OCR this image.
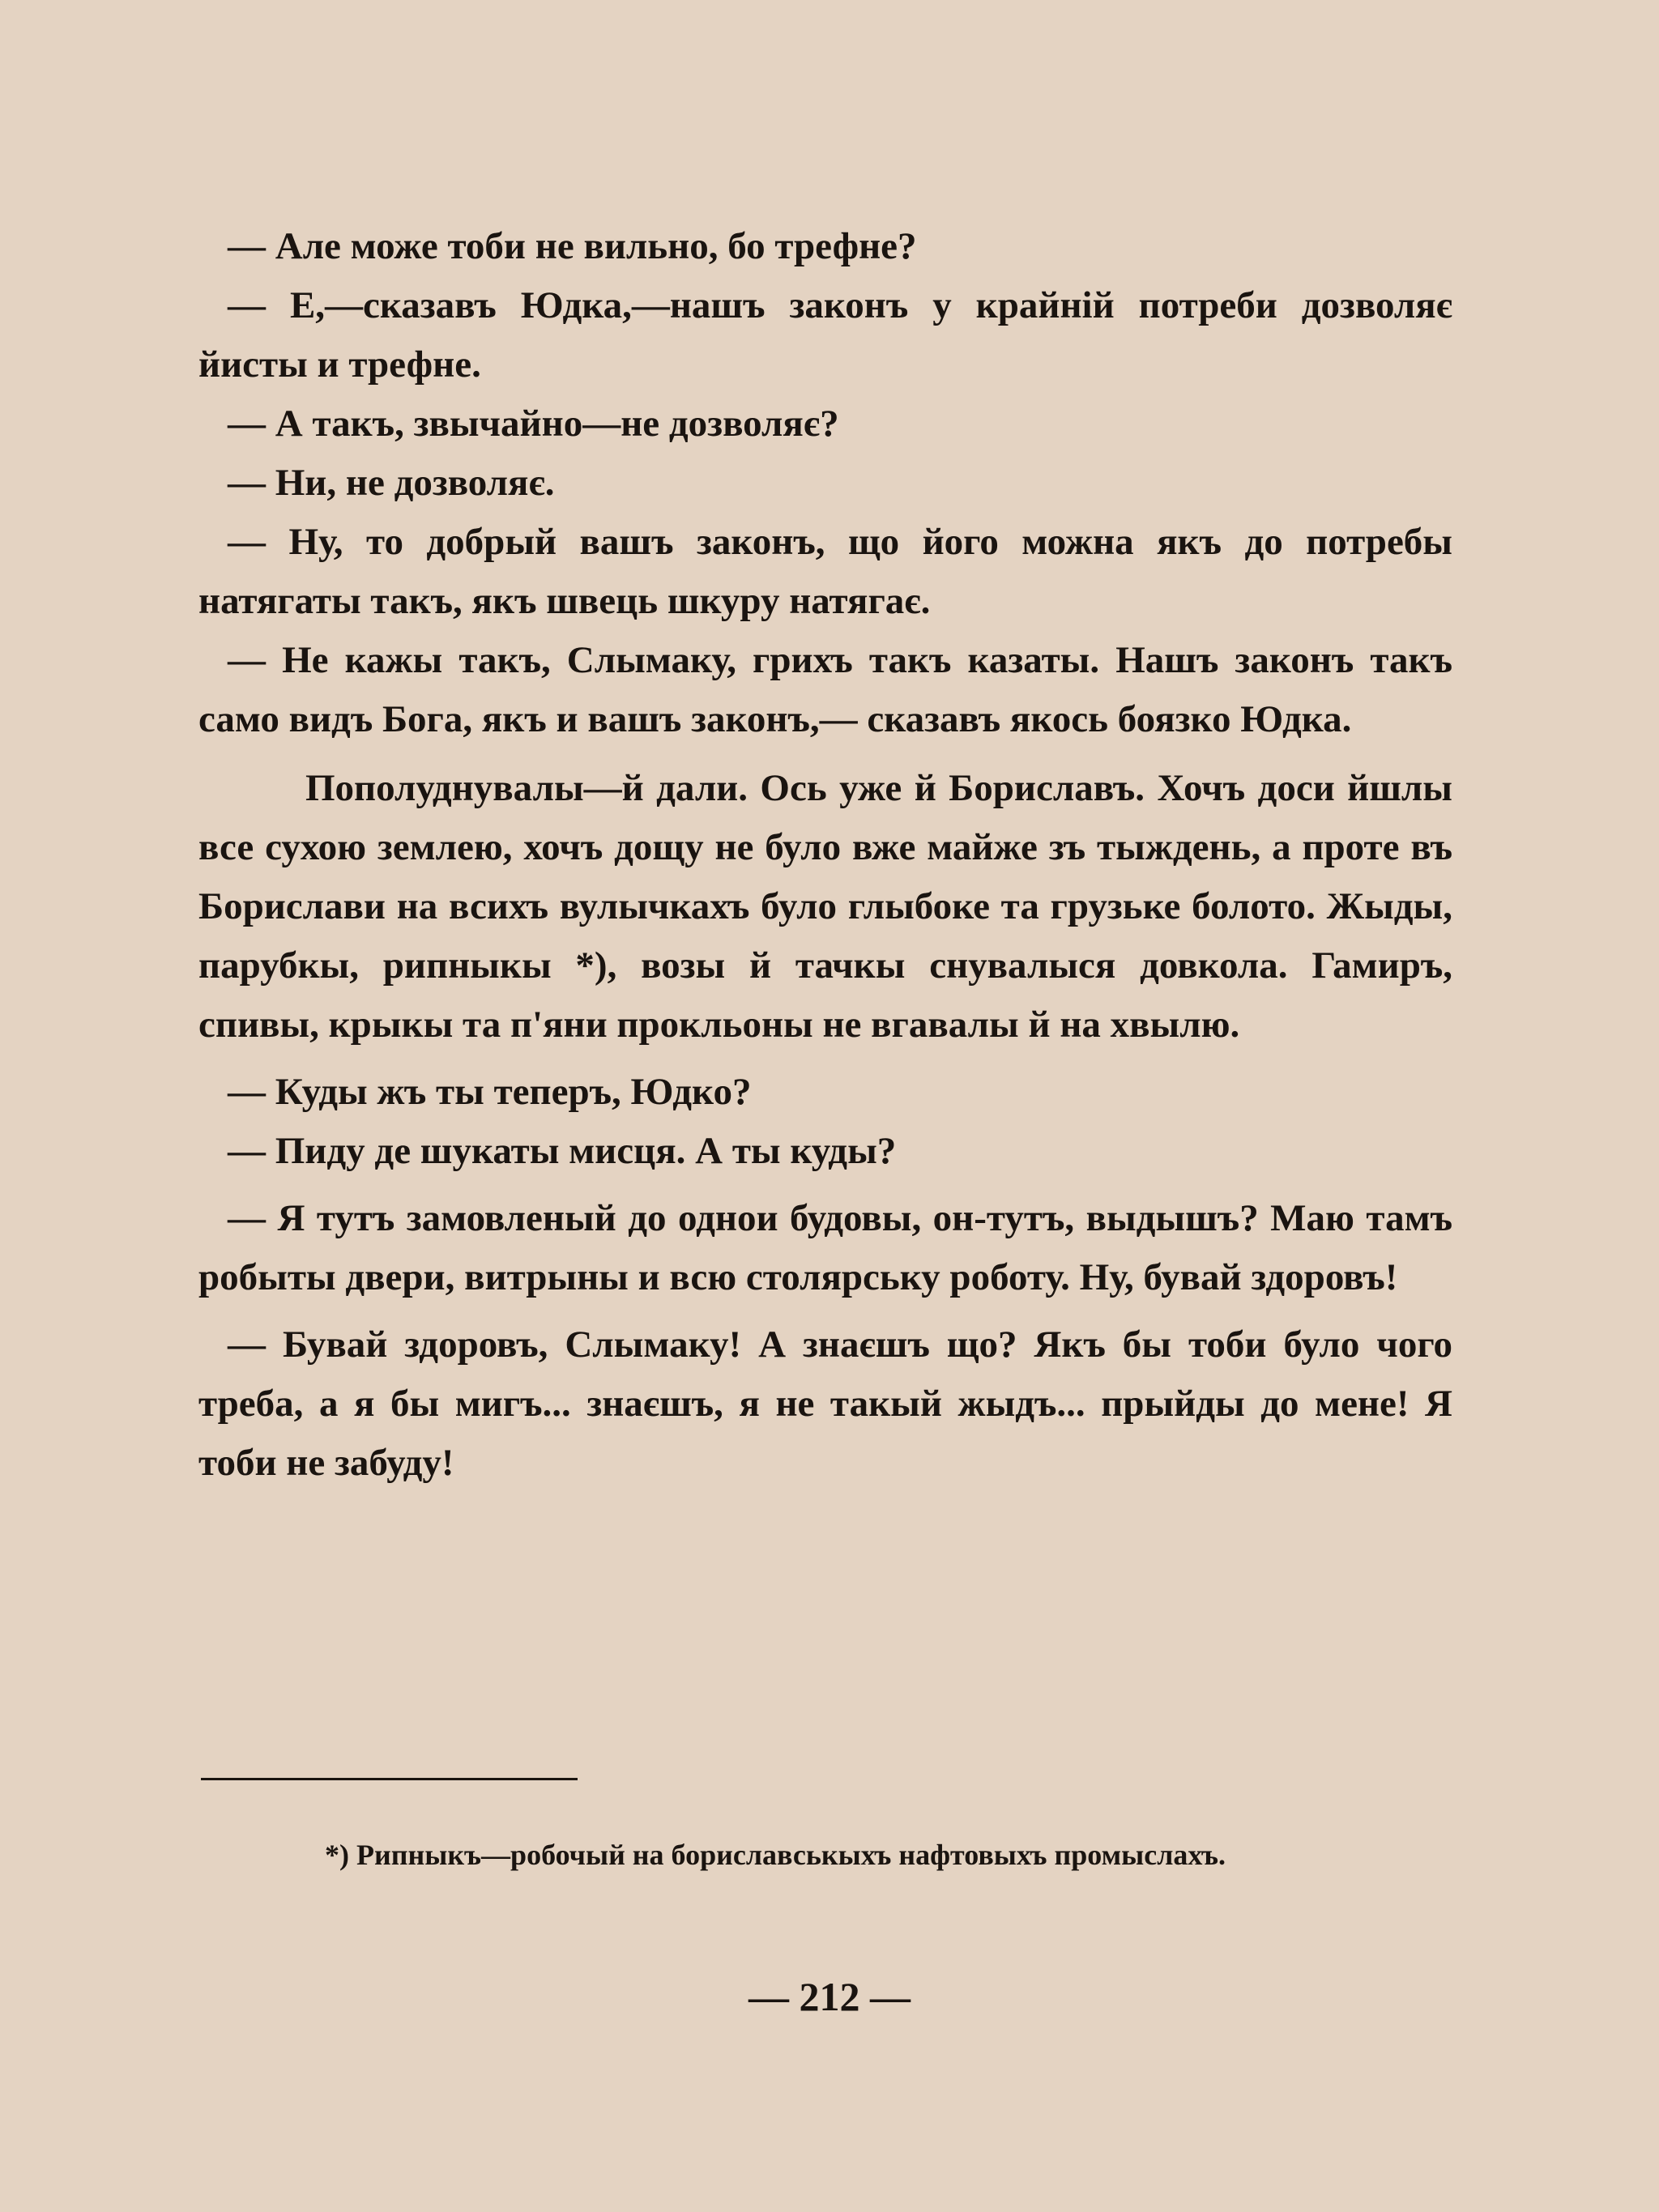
— Але може тоби не вильно, бо трефне?

— Е,—сказавъ Юдка,—нашъ законъ у крайній потреби дозволяє йисты и трефне.

— А такъ, звычайно—не дозволяє?

— Ни, не дозволяє.

— Ну, то добрый вашъ законъ, що його можна якъ до потребы натягаты такъ, якъ швець шкуру натягає.

— Не кажы такъ, Слымаку, грихъ такъ казаты. Нашъ законъ такъ само видъ Бога, якъ и вашъ законъ,— сказавъ якось боязко Юдка.

Пополуднувалы—й дали. Ось уже й Бориславъ. Хочъ доси йшлы все сухою землею, хочъ дощу не було вже майже зъ тыждень, а проте въ Борислави на всихъ вулычкахъ було глыбоке та грузьке болото. Жыды, парубкы, рипныкы *), возы й тачкы снувалыся довкола. Гамиръ, спивы, крыкы та п'яни прокльоны не вгавалы й на хвылю.

— Куды жъ ты теперъ, Юдко?

— Пиду де шукаты мисця. А ты куды?

— Я тутъ замовленый до однои будовы, он-тутъ, выдышъ? Маю тамъ робыты двери, витрыны и всю столярську роботу. Ну, бувай здоровъ!

— Бувай здоровъ, Слымаку! А знаєшъ що? Якъ бы тоби було чого треба, а я бы мигъ... знаєшъ, я не такый жыдъ... прыйды до мене! Я тоби не забуду!

*) Рипныкъ—робочый на бориславськыхъ нафтовыхъ промыслахъ.

— 212 —
